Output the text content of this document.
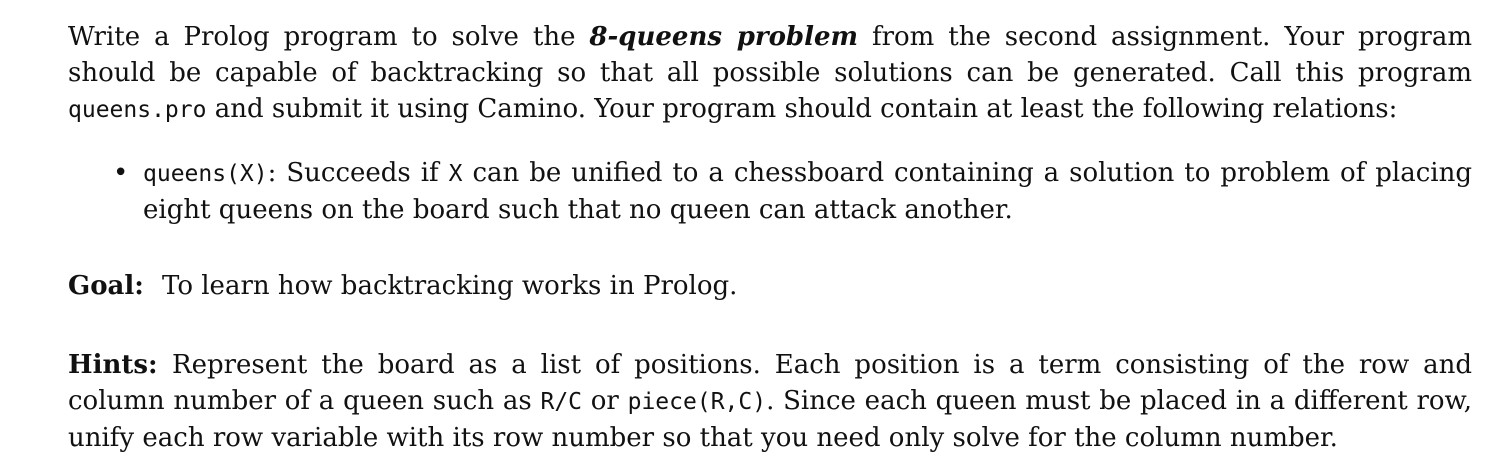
Write a Prolog program to solve the 8-queens problem from the second assignment. Your program should be capable of backtracking so that all possible solutions can be generated. Call this program queens.pro and submit it using Camino. Your program should contain at least the following relations:

• queens(X): Succeeds if X can be unified to a chessboard containing a solution to problem of placing eight queens on the board such that no queen can attack another.

Goal: To learn how backtracking works in Prolog.

Hints: Represent the board as a list of positions. Each position is a term consisting of the row and column number of a queen such as R/C or piece(R,C). Since each queen must be placed in a different row, unify each row variable with its row number so that you need only solve for the column number.
